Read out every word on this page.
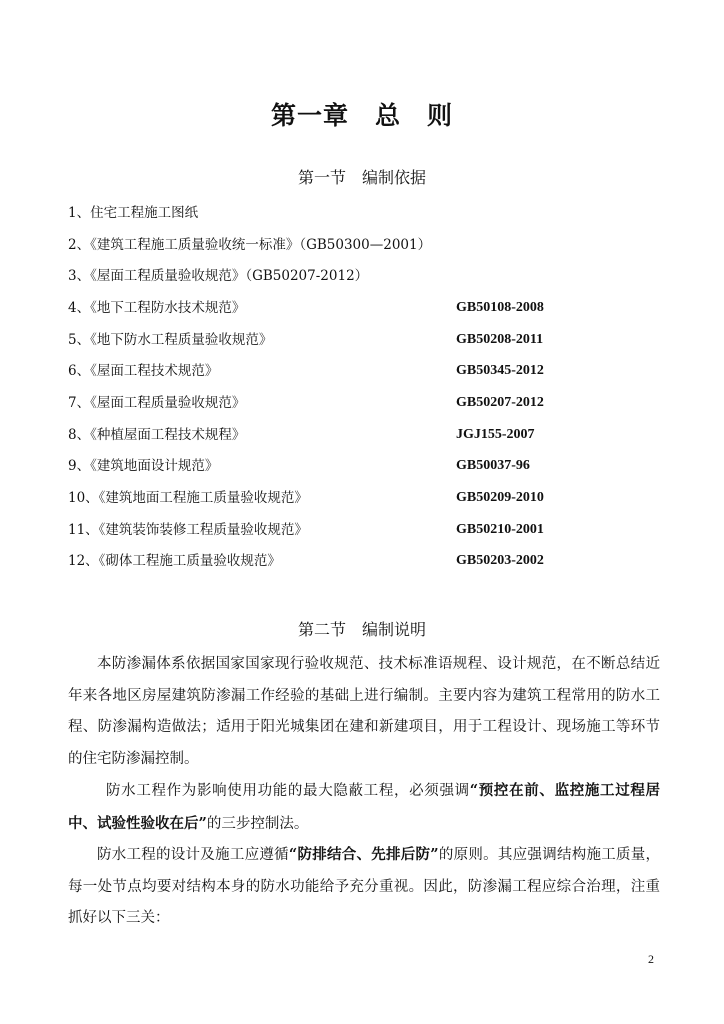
第一章　总　则
第一节　编制依据
1、住宅工程施工图纸
2、《建筑工程施工质量验收统一标准》（GB50300—2001）
3、《屋面工程质量验收规范》（GB50207-2012）
4、《地下工程防水技术规范》	GB50108-2008
5、《地下防水工程质量验收规范》	GB50208-2011
6、《屋面工程技术规范》	GB50345-2012
7、《屋面工程质量验收规范》	GB50207-2012
8、《种植屋面工程技术规程》	JGJ155-2007
9、《建筑地面设计规范》	GB50037-96
10、《建筑地面工程施工质量验收规范》	GB50209-2010
11、《建筑装饰装修工程质量验收规范》	GB50210-2001
12、《砌体工程施工质量验收规范》	GB50203-2002
第二节　编制说明

本防渗漏体系依据国家国家现行验收规范、技术标准语规程、设计规范，在不断总结近年来各地区房屋建筑防渗漏工作经验的基础上进行编制。主要内容为建筑工程常用的防水工程、防渗漏构造做法；适用于阳光城集团在建和新建项目，用于工程设计、现场施工等环节的住宅防渗漏控制。

防水工程作为影响使用功能的最大隐蔽工程，必须强调“预控在前、监控施工过程居中、试验性验收在后”的三步控制法。

防水工程的设计及施工应遵循“防排结合、先排后防”的原则。其应强调结构施工质量，每一处节点均要对结构本身的防水功能给予充分重视。因此，防渗漏工程应综合治理，注重抓好以下三关：

2
